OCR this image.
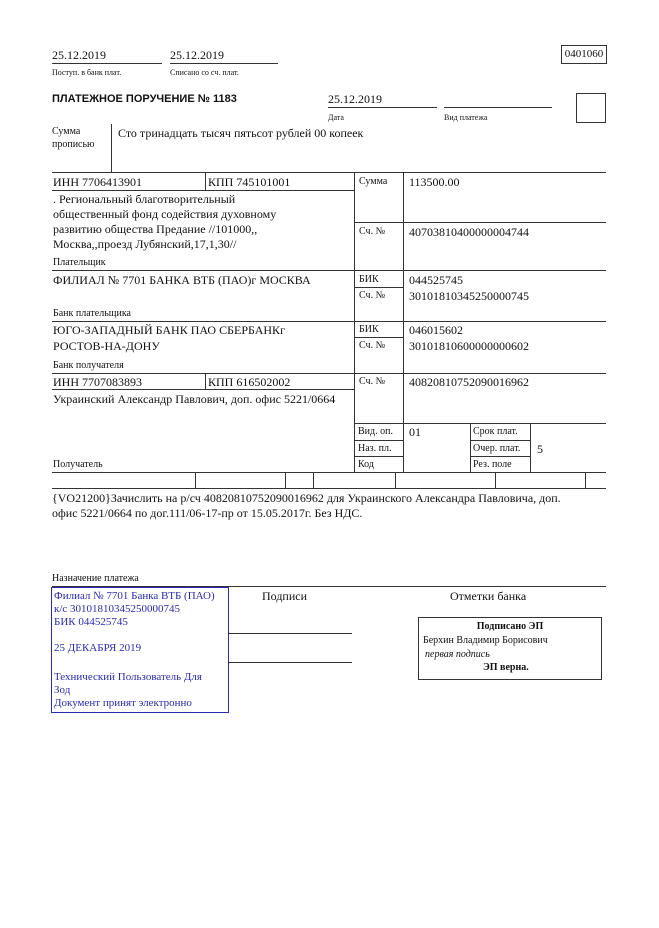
25.12.2019
Поступ. в банк плат.
25.12.2019
Списано со сч. плат.
0401060
ПЛАТЕЖНОЕ ПОРУЧЕНИЕ № 1183	25.12.2019
Дата	Вид платежа
Сумма
прописью
Сто тринадцать тысяч пятьсот рублей 00 копеек
ИНН 7706413901	КПП 745101001
. Региональный благотворительный
общественный фонд содействия духовному
развитию общества Предание //101000,,
Москва,,проезд Лубянский,17,1,30//
Плательщик
Сумма 113500.00
Сч. № 40703810400000004744
ФИЛИАЛ № 7701 БАНКА ВТБ (ПАО)г МОСКВА
Банк плательщика
БИК	044525745
Сч. № 30101810345250000745
ЮГО-ЗАПАДНЫЙ БАНК ПАО СБЕРБАНКг
РОСТОВ-НА-ДОНУ
Банк получателя
БИК	046015602
Сч. № 30101810600000000602
ИНН 7707083893	КПП 616502002
Украинский Александр Павлович, доп. офис 5221/0664
Получатель
Сч. № 40820810752090016962
Вид. оп. 01
Наз. пл.
Код
Срок плат.
Очер. плат. 5
Рез. поле
{VO21200}Зачислить на р/сч 40820810752090016962 для Украинского Александра Павловича, доп.
офис 5221/0664 по дог.111/06-17-пр от 15.05.2017г. Без НДС.
Назначение платежа
Филиал № 7701 Банка ВТБ (ПАО)
к/с 30101810345250000745
БИК 044525745
25 ДЕКАБРЯ 2019
Технический Пользователь Для
Зод
Документ принят электронно
Подписи	Отметки банка
Подписано ЭП
Берхин Владимир Борисович
первая подпись
ЭП верна.
